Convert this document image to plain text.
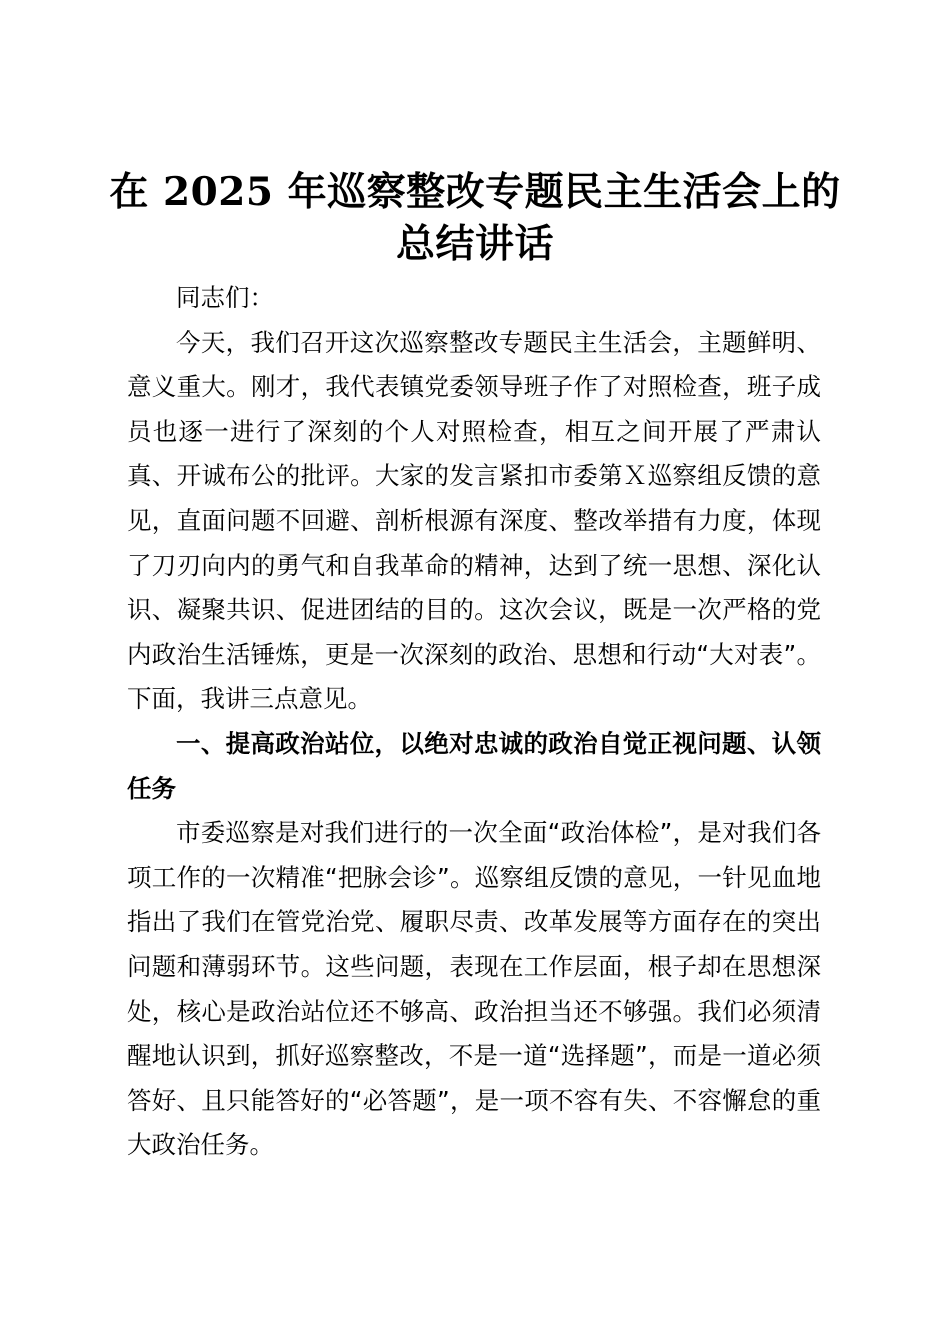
在 2025 年巡察整改专题民主生活会上的总结讲话

同志们：

今天，我们召开这次巡察整改专题民主生活会，主题鲜明、意义重大。刚才，我代表镇党委领导班子作了对照检查，班子成员也逐一进行了深刻的个人对照检查，相互之间开展了严肃认真、开诚布公的批评。大家的发言紧扣市委第Ｘ巡察组反馈的意见，直面问题不回避、剖析根源有深度、整改举措有力度，体现了刀刃向内的勇气和自我革命的精神，达到了统一思想、深化认识、凝聚共识、促进团结的目的。这次会议，既是一次严格的党内政治生活锤炼，更是一次深刻的政治、思想和行动“大对表”。下面，我讲三点意见。

一、提高政治站位，以绝对忠诚的政治自觉正视问题、认领任务

市委巡察是对我们进行的一次全面“政治体检”，是对我们各项工作的一次精准“把脉会诊”。巡察组反馈的意见，一针见血地指出了我们在管党治党、履职尽责、改革发展等方面存在的突出问题和薄弱环节。这些问题，表现在工作层面，根子却在思想深处，核心是政治站位还不够高、政治担当还不够强。我们必须清醒地认识到，抓好巡察整改，不是一道“选择题”，而是一道必须答好、且只能答好的“必答题”，是一项不容有失、不容懈怠的重大政治任务。
